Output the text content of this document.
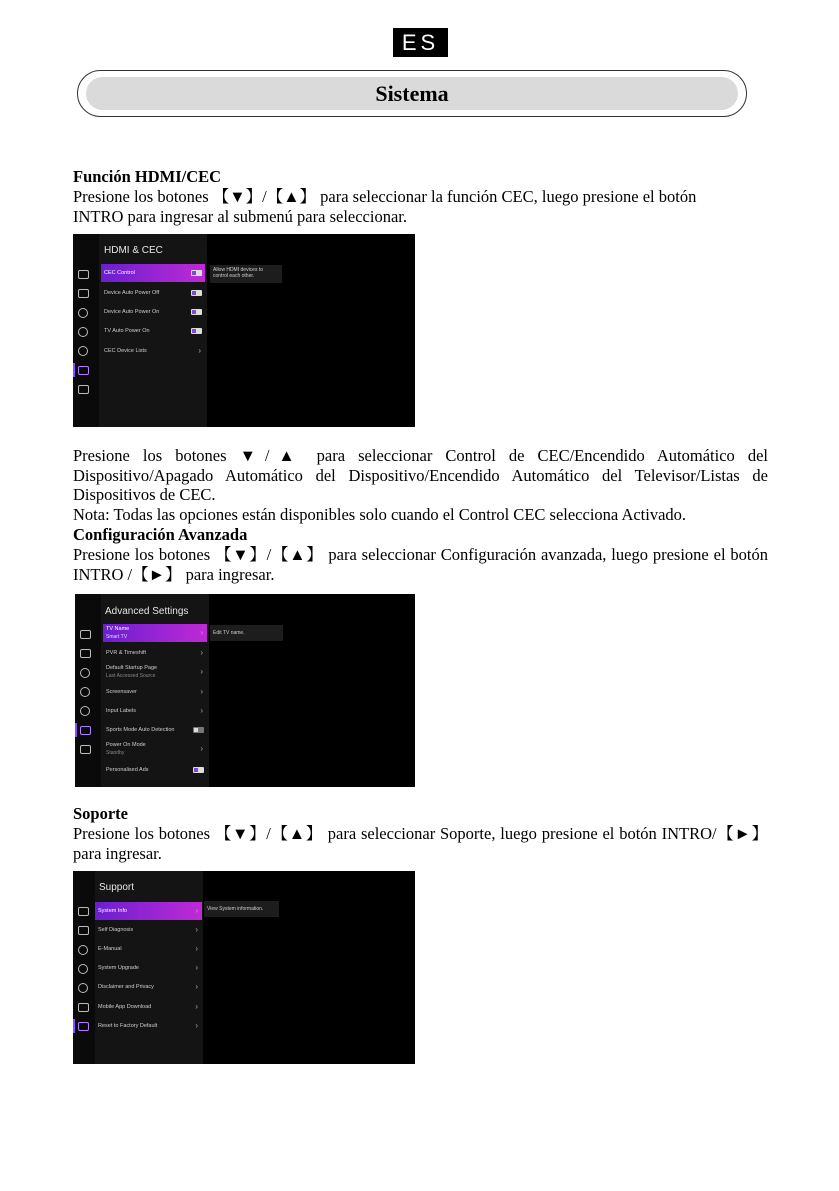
ES
Sistema

Función HDMI/CEC

Presione los botones 【▼】/【▲】 para seleccionar la función CEC, luego presione el botón

INTRO para ingresar al submenú para seleccionar.

HDMI & CEC
CEC Control
Device Auto Power Off
Device Auto Power On
TV Auto Power On
CEC Device Lists	›
Allow HDMI devices to control each other.

Presione los botones ▼/▲ para seleccionar Control de CEC/Encendido Automático del Dispositivo/Apagado Automático del Dispositivo/Encendido Automático del Televisor/Listas de Dispositivos de CEC.

Nota: Todas las opciones están disponibles solo cuando el Control CEC selecciona Activado.

Configuración Avanzada

Presione los botones 【▼】/【▲】 para seleccionar Configuración avanzada, luego presione el botón INTRO /【►】 para ingresar.

Advanced Settings
TV Name
Smart TV	›
PVR & Timeshift	›
Default Startup Page
Last Accessed Source	›
Screensaver	›
Input Labels	›
Sports Mode Auto Detection
Power On Mode
Standby	›
Personalised Ads
Edit TV name.

Soporte

Presione los botones 【▼】/【▲】 para seleccionar Soporte, luego presione el botón INTRO/【►】para ingresar.

Support
System Info	›
Self Diagnosis	›
E-Manual	›
System Upgrade	›
Disclaimer and Privacy	›
Mobile App Download	›
Reset to Factory Default	›
View System information.
